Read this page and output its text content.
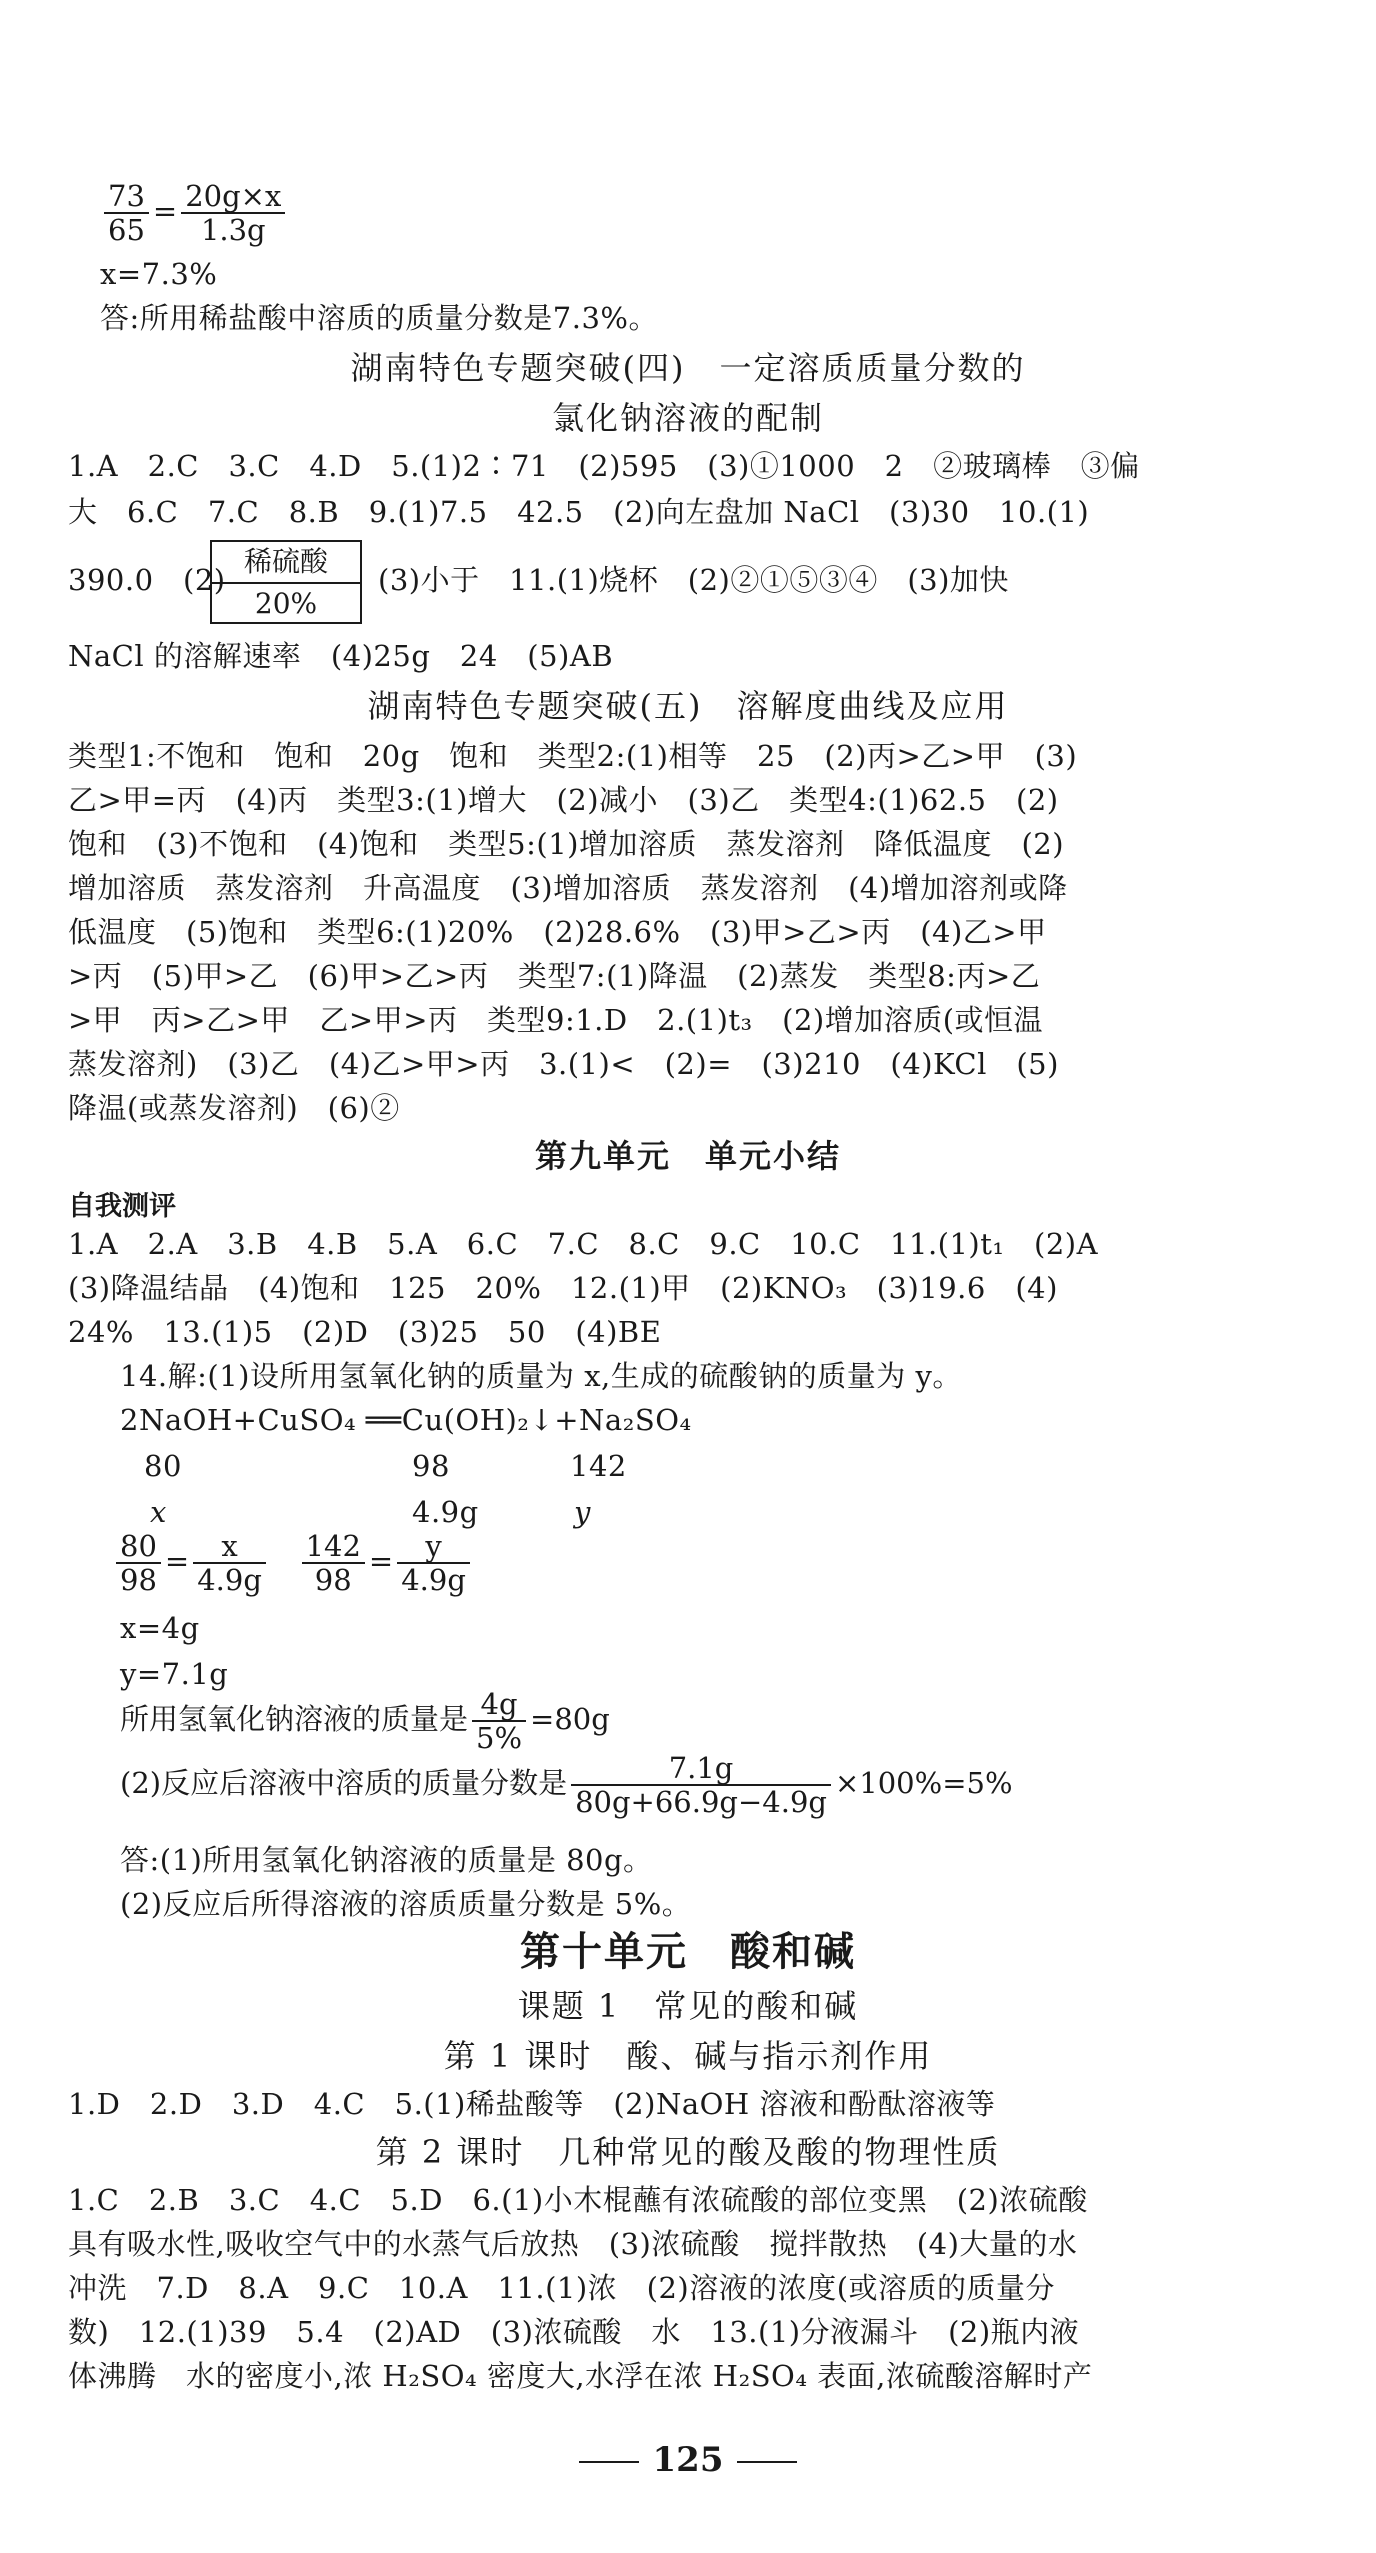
$\frac{73}{65} = \frac{20g\times x}{1.3g}$
x=7.3%
答:所用稀盐酸中溶质的质量分数是7.3%。
湖南特色专题突破(四)　一定溶质质量分数的
氯化钠溶液的配制
1.A　2.C　3.C　4.D　5.(1)2∶71　(2)595　(3)①1000　2　②玻璃棒　③偏
大　6.C　7.C　8.B　9.(1)7.5　42.5　(2)向左盘加 NaCl　(3)30　10.(1)
390.0　(2)
稀硫酸
20%
(3)小于　11.(1)烧杯　(2)②①⑤③④　(3)加快
NaCl 的溶解速率　(4)25g　24　(5)AB
湖南特色专题突破(五)　溶解度曲线及应用
类型1:不饱和　饱和　20g　饱和　类型2:(1)相等　25　(2)丙>乙>甲　(3)
乙>甲=丙　(4)丙　类型3:(1)增大　(2)减小　(3)乙　类型4:(1)62.5　(2)
饱和　(3)不饱和　(4)饱和　类型5:(1)增加溶质　蒸发溶剂　降低温度　(2)
增加溶质　蒸发溶剂　升高温度　(3)增加溶质　蒸发溶剂　(4)增加溶剂或降
低温度　(5)饱和　类型6:(1)20%　(2)28.6%　(3)甲>乙>丙　(4)乙>甲
>丙　(5)甲>乙　(6)甲>乙>丙　类型7:(1)降温　(2)蒸发　类型8:丙>乙
>甲　丙>乙>甲　乙>甲>丙　类型9:1.D　2.(1)t₃　(2)增加溶质(或恒温
蒸发溶剂)　(3)乙　(4)乙>甲>丙　3.(1)<　(2)=　(3)210　(4)KCl　(5)
降温(或蒸发溶剂)　(6)②
第九单元　单元小结
自我测评
1.A　2.A　3.B　4.B　5.A　6.C　7.C　8.C　9.C　10.C　11.(1)t₁　(2)A
(3)降温结晶　(4)饱和　125　20%　12.(1)甲　(2)KNO₃　(3)19.6　(4)
24%　13.(1)5　(2)D　(3)25　50　(4)BE
14.解:(1)设所用氢氧化钠的质量为 x,生成的硫酸钠的质量为 y。
2NaOH+CuSO₄ ══Cu(OH)₂↓+Na₂SO₄
80	98	142
x	4.9g	y
$\frac{80}{98} = \frac{x}{4.9g}$
$\frac{142}{98} = \frac{y}{4.9g}$
x=4g
y=7.1g
所用氢氧化钠溶液的质量是 $\frac{4g}{5\%} =80g$
(2)反应后溶液中溶质的质量分数是 $\frac{7.1g}{80g+66.9g-4.9g} \times 100\%=5\%$
答:(1)所用氢氧化钠溶液的质量是 80g。
(2)反应后所得溶液的溶质质量分数是 5%。
第十单元　酸和碱
课题 1　常见的酸和碱
第 1 课时　酸、碱与指示剂作用
1.D　2.D　3.D　4.C　5.(1)稀盐酸等　(2)NaOH 溶液和酚酞溶液等
第 2 课时　几种常见的酸及酸的物理性质
1.C　2.B　3.C　4.C　5.D　6.(1)小木棍蘸有浓硫酸的部位变黑　(2)浓硫酸
具有吸水性,吸收空气中的水蒸气后放热　(3)浓硫酸　搅拌散热　(4)大量的水
冲洗　7.D　8.A　9.C　10.A　11.(1)浓　(2)溶液的浓度(或溶质的质量分
数)　12.(1)39　5.4　(2)AD　(3)浓硫酸　水　13.(1)分液漏斗　(2)瓶内液
体沸腾　水的密度小,浓 H₂SO₄ 密度大,水浮在浓 H₂SO₄ 表面,浓硫酸溶解时产
125
